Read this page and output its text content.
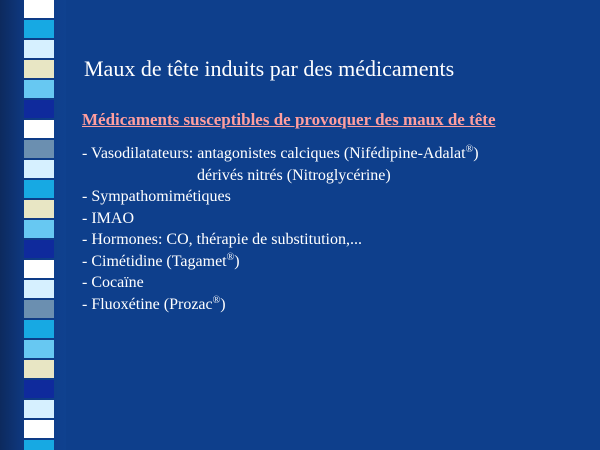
Maux de tête induits par des médicaments
Médicaments susceptibles de provoquer des maux de tête
- Vasodilatateurs: antagonistes calciques (Nifédipine-Adalat®)
dérivés nitrés (Nitroglycérine)
- Sympathomimétiques
- IMAO
- Hormones: CO, thérapie de substitution,...
- Cimétidine (Tagamet®)
- Cocaïne
- Fluoxétine (Prozac®)
